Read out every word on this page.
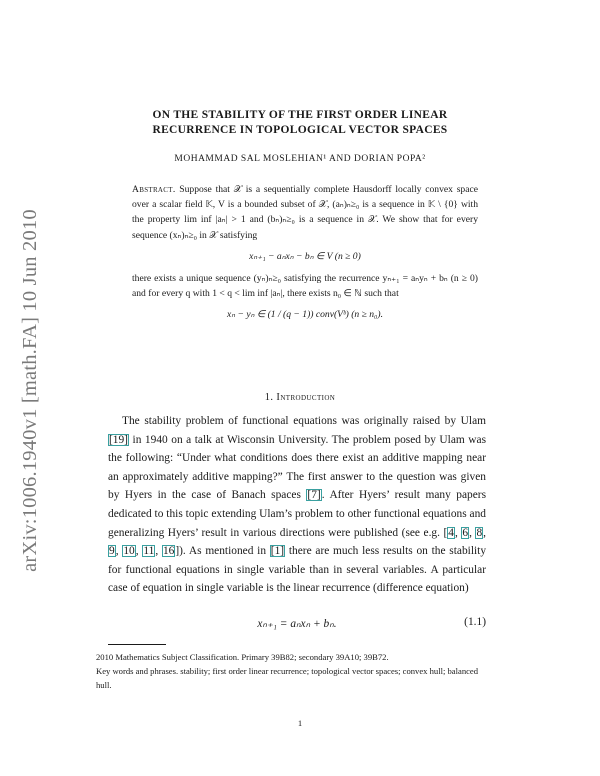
arXiv:1006.1940v1 [math.FA] 10 Jun 2010
ON THE STABILITY OF THE FIRST ORDER LINEAR
RECURRENCE IN TOPOLOGICAL VECTOR SPACES
MOHAMMAD SAL MOSLEHIAN¹ AND DORIAN POPA²

Abstract. Suppose that 𝒳 is a sequentially complete Hausdorff locally convex space over a scalar field 𝕂, V is a bounded subset of 𝒳, (aₙ)ₙ≥₀ is a sequence in 𝕂 \ {0} with the property lim inf |aₙ| > 1 and (bₙ)ₙ≥₀ is a sequence in 𝒳. We show that for every sequence (xₙ)ₙ≥₀ in 𝒳 satisfying

xₙ₊₁ − aₙxₙ − bₙ ∈ V (n ≥ 0)

there exists a unique sequence (yₙ)ₙ≥₀ satisfying the recurrence yₙ₊₁ = aₙyₙ + bₙ (n ≥ 0) and for every q with 1 < q < lim inf |aₙ|, there exists n₀ ∈ ℕ such that

xₙ − yₙ ∈ (1 / (q − 1)) conv(Vᵇ) (n ≥ n₀).
1. Introduction

The stability problem of functional equations was originally raised by Ulam [19] in 1940 on a talk at Wisconsin University. The problem posed by Ulam was the following: “Under what conditions does there exist an additive mapping near an approximately additive mapping?” The first answer to the question was given by Hyers in the case of Banach spaces [7]. After Hyers’ result many papers dedicated to this topic extending Ulam’s problem to other functional equations and generalizing Hyers’ result in various directions were published (see e.g. [4, 6, 8, 9, 10, 11, 16]). As mentioned in [1] there are much less results on the stability for functional equations in single variable than in several variables. A particular case of equation in single variable is the linear recurrence (difference equation)

xₙ₊₁ = aₙxₙ + bₙ.	(1.1)

2010 Mathematics Subject Classification. Primary 39B82; secondary 39A10; 39B72.

Key words and phrases. stability; first order linear recurrence; topological vector spaces; convex hull; balanced hull.

1
